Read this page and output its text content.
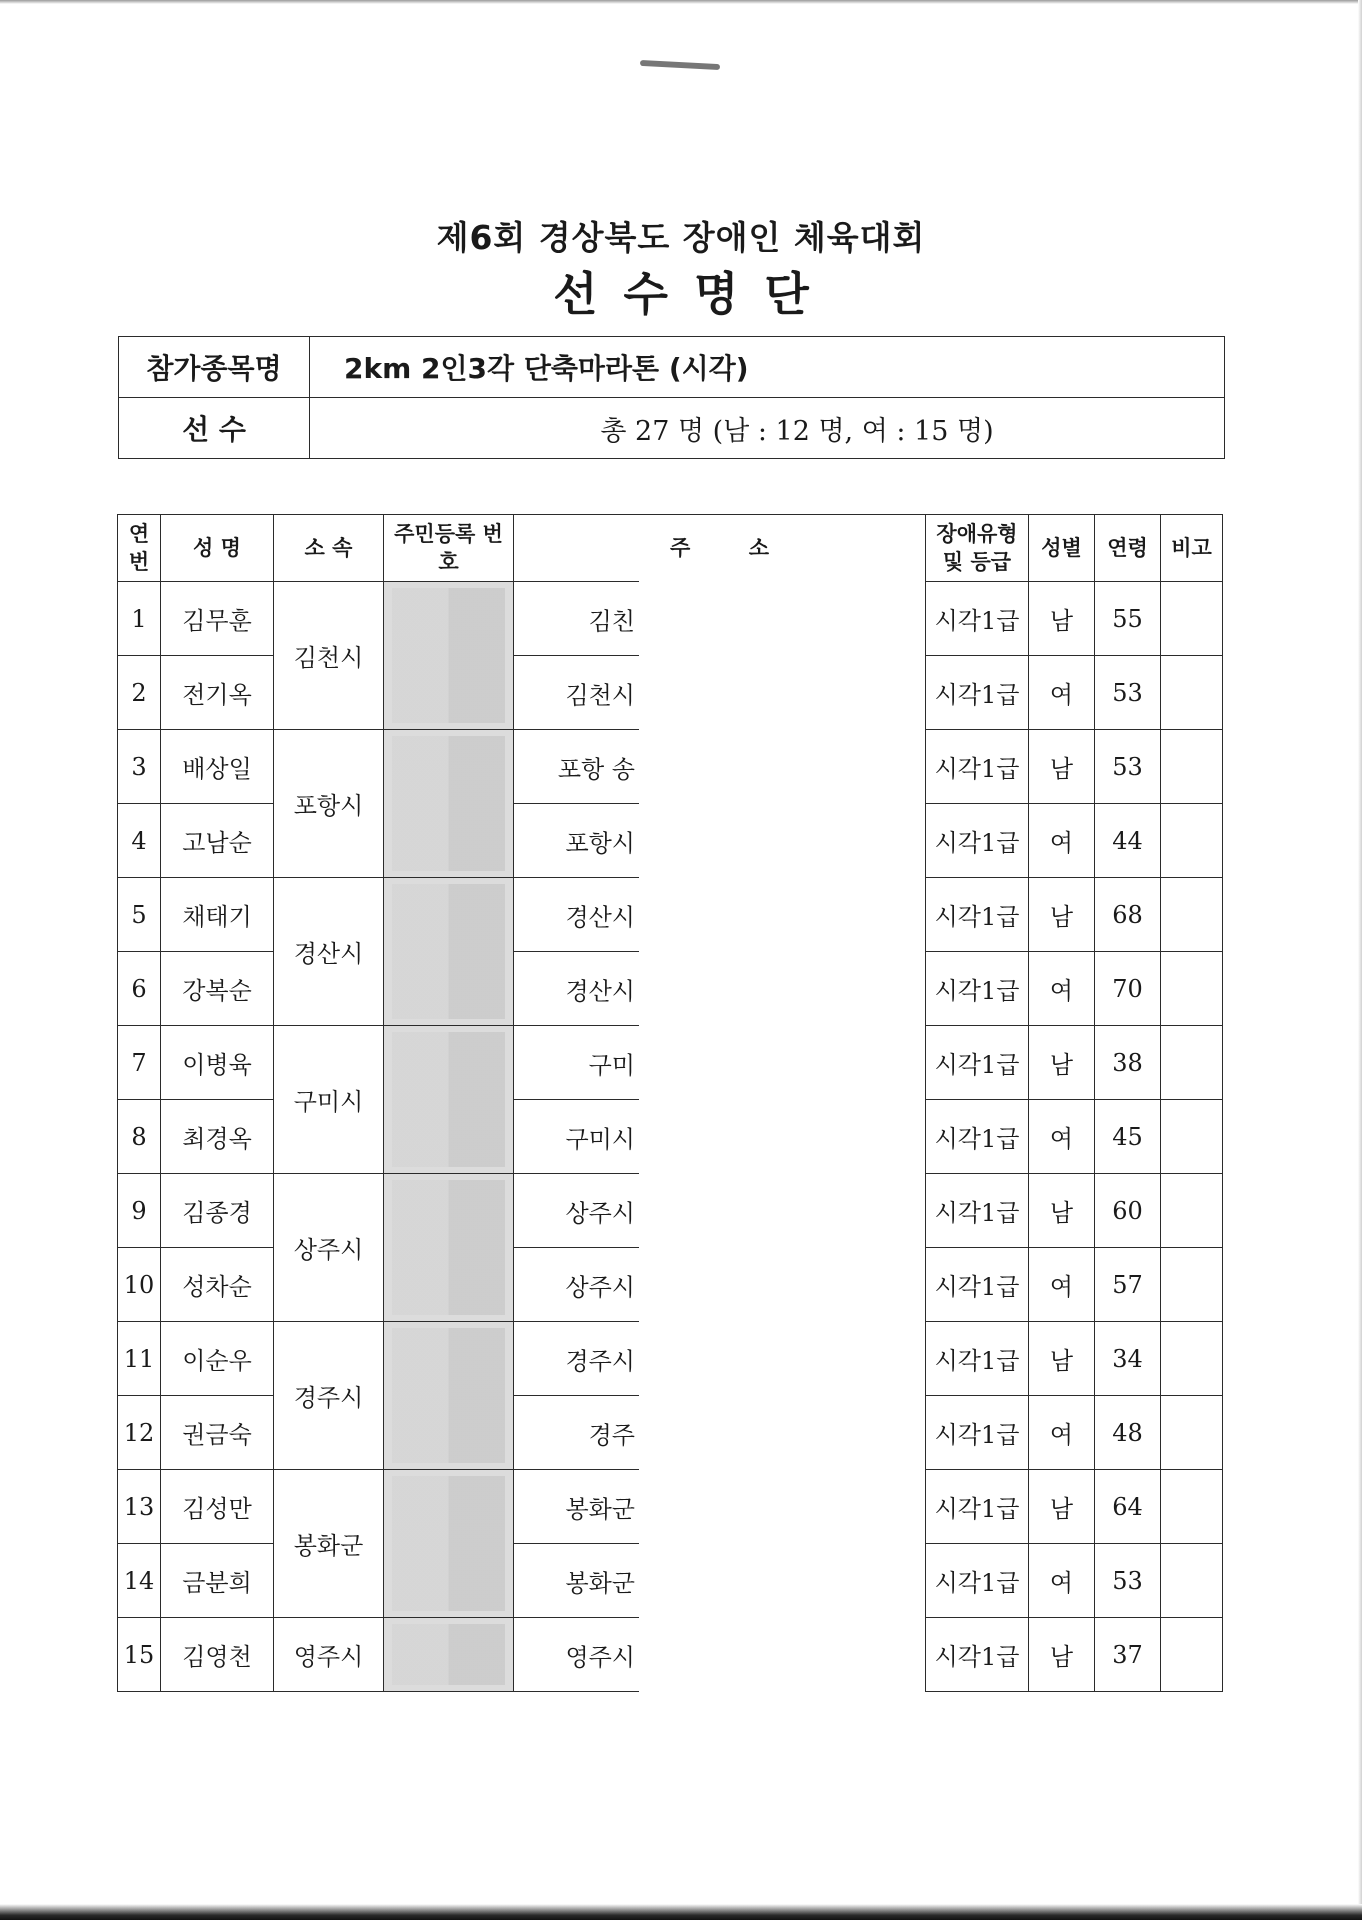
제6회 경상북도 장애인 체육대회
선수명단
참가종목명	2km 2인3각 단축마라톤 (시각)
선 수	총 27 명 (남 : 12 명, 여 : 15 명)
연번	성 명	소 속	주민등록 번 호	주        소	장애유형 및 등급	성별	연령	비고
1	김무훈	김천시		김친	시각1급	남	55	
2	전기옥			김천시	시각1급	여	53	
3	배상일	포항시		포항 송	시각1급	남	53	
4	고남순			포항시	시각1급	여	44	
5	채태기	경산시		경산시	시각1급	남	68	
6	강복순			경산시	시각1급	여	70	
7	이병육	구미시		구미	시각1급	남	38	
8	최경옥			구미시	시각1급	여	45	
9	김종경	상주시		상주시	시각1급	남	60	
10	성차순			상주시	시각1급	여	57	
11	이순우	경주시		경주시	시각1급	남	34	
12	권금숙			경주	시각1급	여	48	
13	김성만	봉화군		봉화군	시각1급	남	64	
14	금분희			봉화군	시각1급	여	53	
15	김영천	영주시		영주시	시각1급	남	37	
